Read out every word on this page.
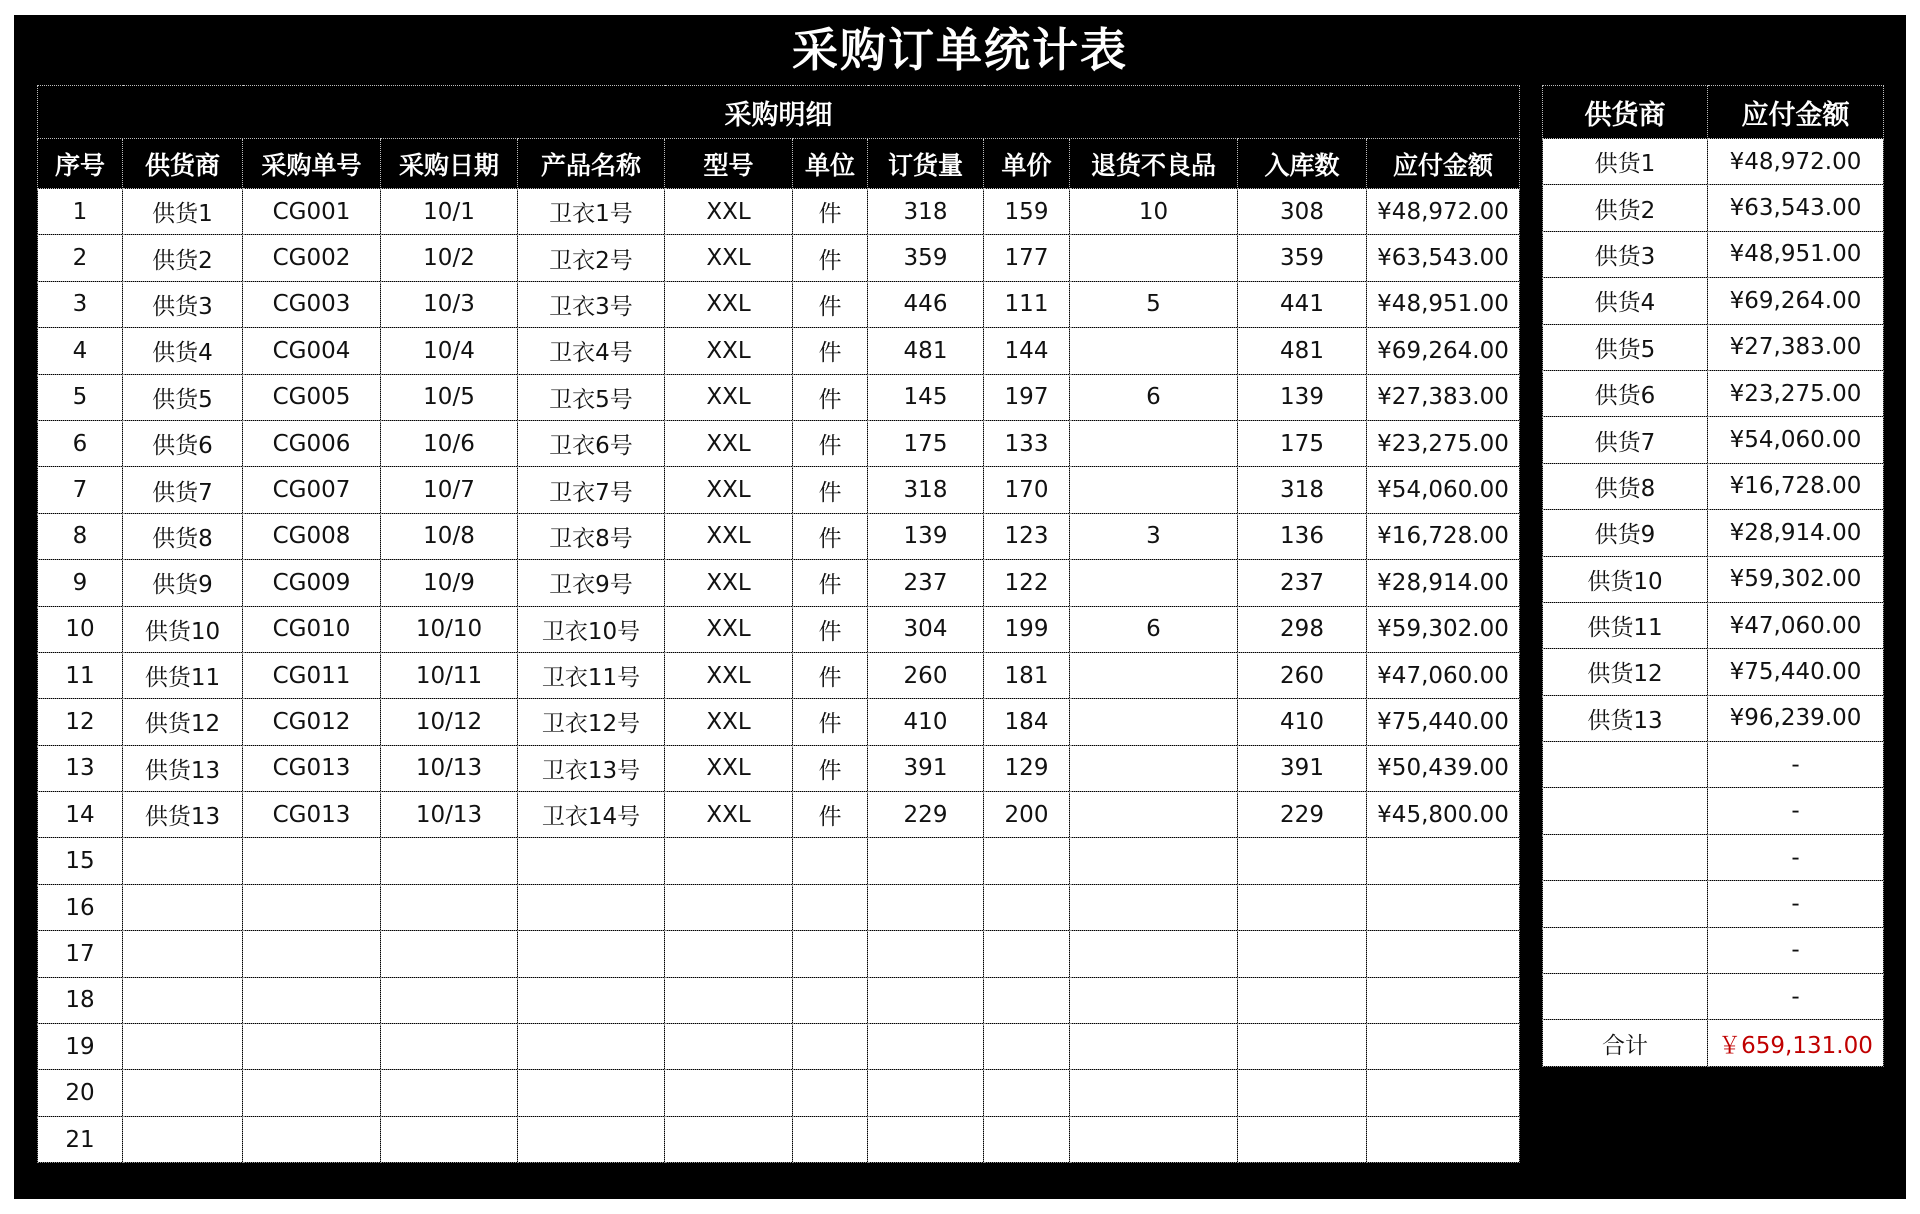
采购订单统计表
采购明细											
序号	供货商	采购单号	采购日期	产品名称	型号	单位	订货量	单价	退货不良品	入库数	应付金额
1	供货1	CG001	10/1	卫衣1号	XXL	件	318	159	10	308	¥48,972.00
2	供货2	CG002	10/2	卫衣2号	XXL	件	359	177		359	¥63,543.00
3	供货3	CG003	10/3	卫衣3号	XXL	件	446	111	5	441	¥48,951.00
4	供货4	CG004	10/4	卫衣4号	XXL	件	481	144		481	¥69,264.00
5	供货5	CG005	10/5	卫衣5号	XXL	件	145	197	6	139	¥27,383.00
6	供货6	CG006	10/6	卫衣6号	XXL	件	175	133		175	¥23,275.00
7	供货7	CG007	10/7	卫衣7号	XXL	件	318	170		318	¥54,060.00
8	供货8	CG008	10/8	卫衣8号	XXL	件	139	123	3	136	¥16,728.00
9	供货9	CG009	10/9	卫衣9号	XXL	件	237	122		237	¥28,914.00
10	供货10	CG010	10/10	卫衣10号	XXL	件	304	199	6	298	¥59,302.00
11	供货11	CG011	10/11	卫衣11号	XXL	件	260	181		260	¥47,060.00
12	供货12	CG012	10/12	卫衣12号	XXL	件	410	184		410	¥75,440.00
13	供货13	CG013	10/13	卫衣13号	XXL	件	391	129		391	¥50,439.00
14	供货13	CG013	10/13	卫衣14号	XXL	件	229	200		229	¥45,800.00
15											
16											
17											
18											
19											
20											
21											
供货商	应付金额
供货1	¥48,972.00
供货2	¥63,543.00
供货3	¥48,951.00
供货4	¥69,264.00
供货5	¥27,383.00
供货6	¥23,275.00
供货7	¥54,060.00
供货8	¥16,728.00
供货9	¥28,914.00
供货10	¥59,302.00
供货11	¥47,060.00
供货12	¥75,440.00
供货13	¥96,239.00
	-
	-
	-
	-
	-
	-
合计	￥659,131.00
